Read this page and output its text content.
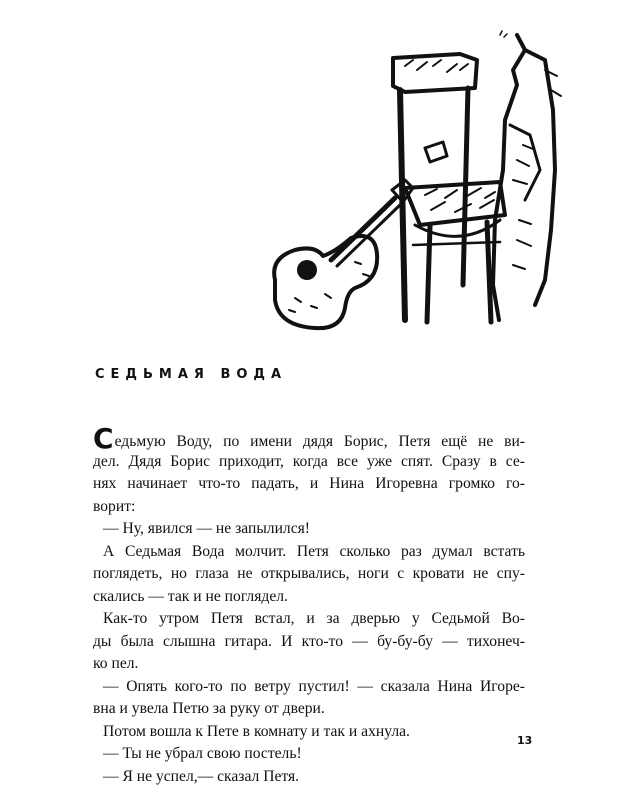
СЕДЬМАЯ ВОДА
Седьмую Воду, по имени дядя Борис, Петя ещё не ви-
дел. Дядя Борис приходит, когда все уже спят. Сразу в се-
нях начинает что-то падать, и Нина Игоревна громко го-
ворит:
— Ну, явился — не запылился!
А Седьмая Вода молчит. Петя сколько раз думал встать
поглядеть, но глаза не открывались, ноги с кровати не спу-
скались — так и не поглядел.
Как-то утром Петя встал, и за дверью у Седьмой Во-
ды была слышна гитара. И кто-то — бу-бу-бу — тихонеч-
ко пел.
— Опять кого-то по ветру пустил! — сказала Нина Игоре-
вна и увела Петю за руку от двери.
Потом вошла к Пете в комнату и так и ахнула.
— Ты не убрал свою постель!
— Я не успел,— сказал Петя.
13
